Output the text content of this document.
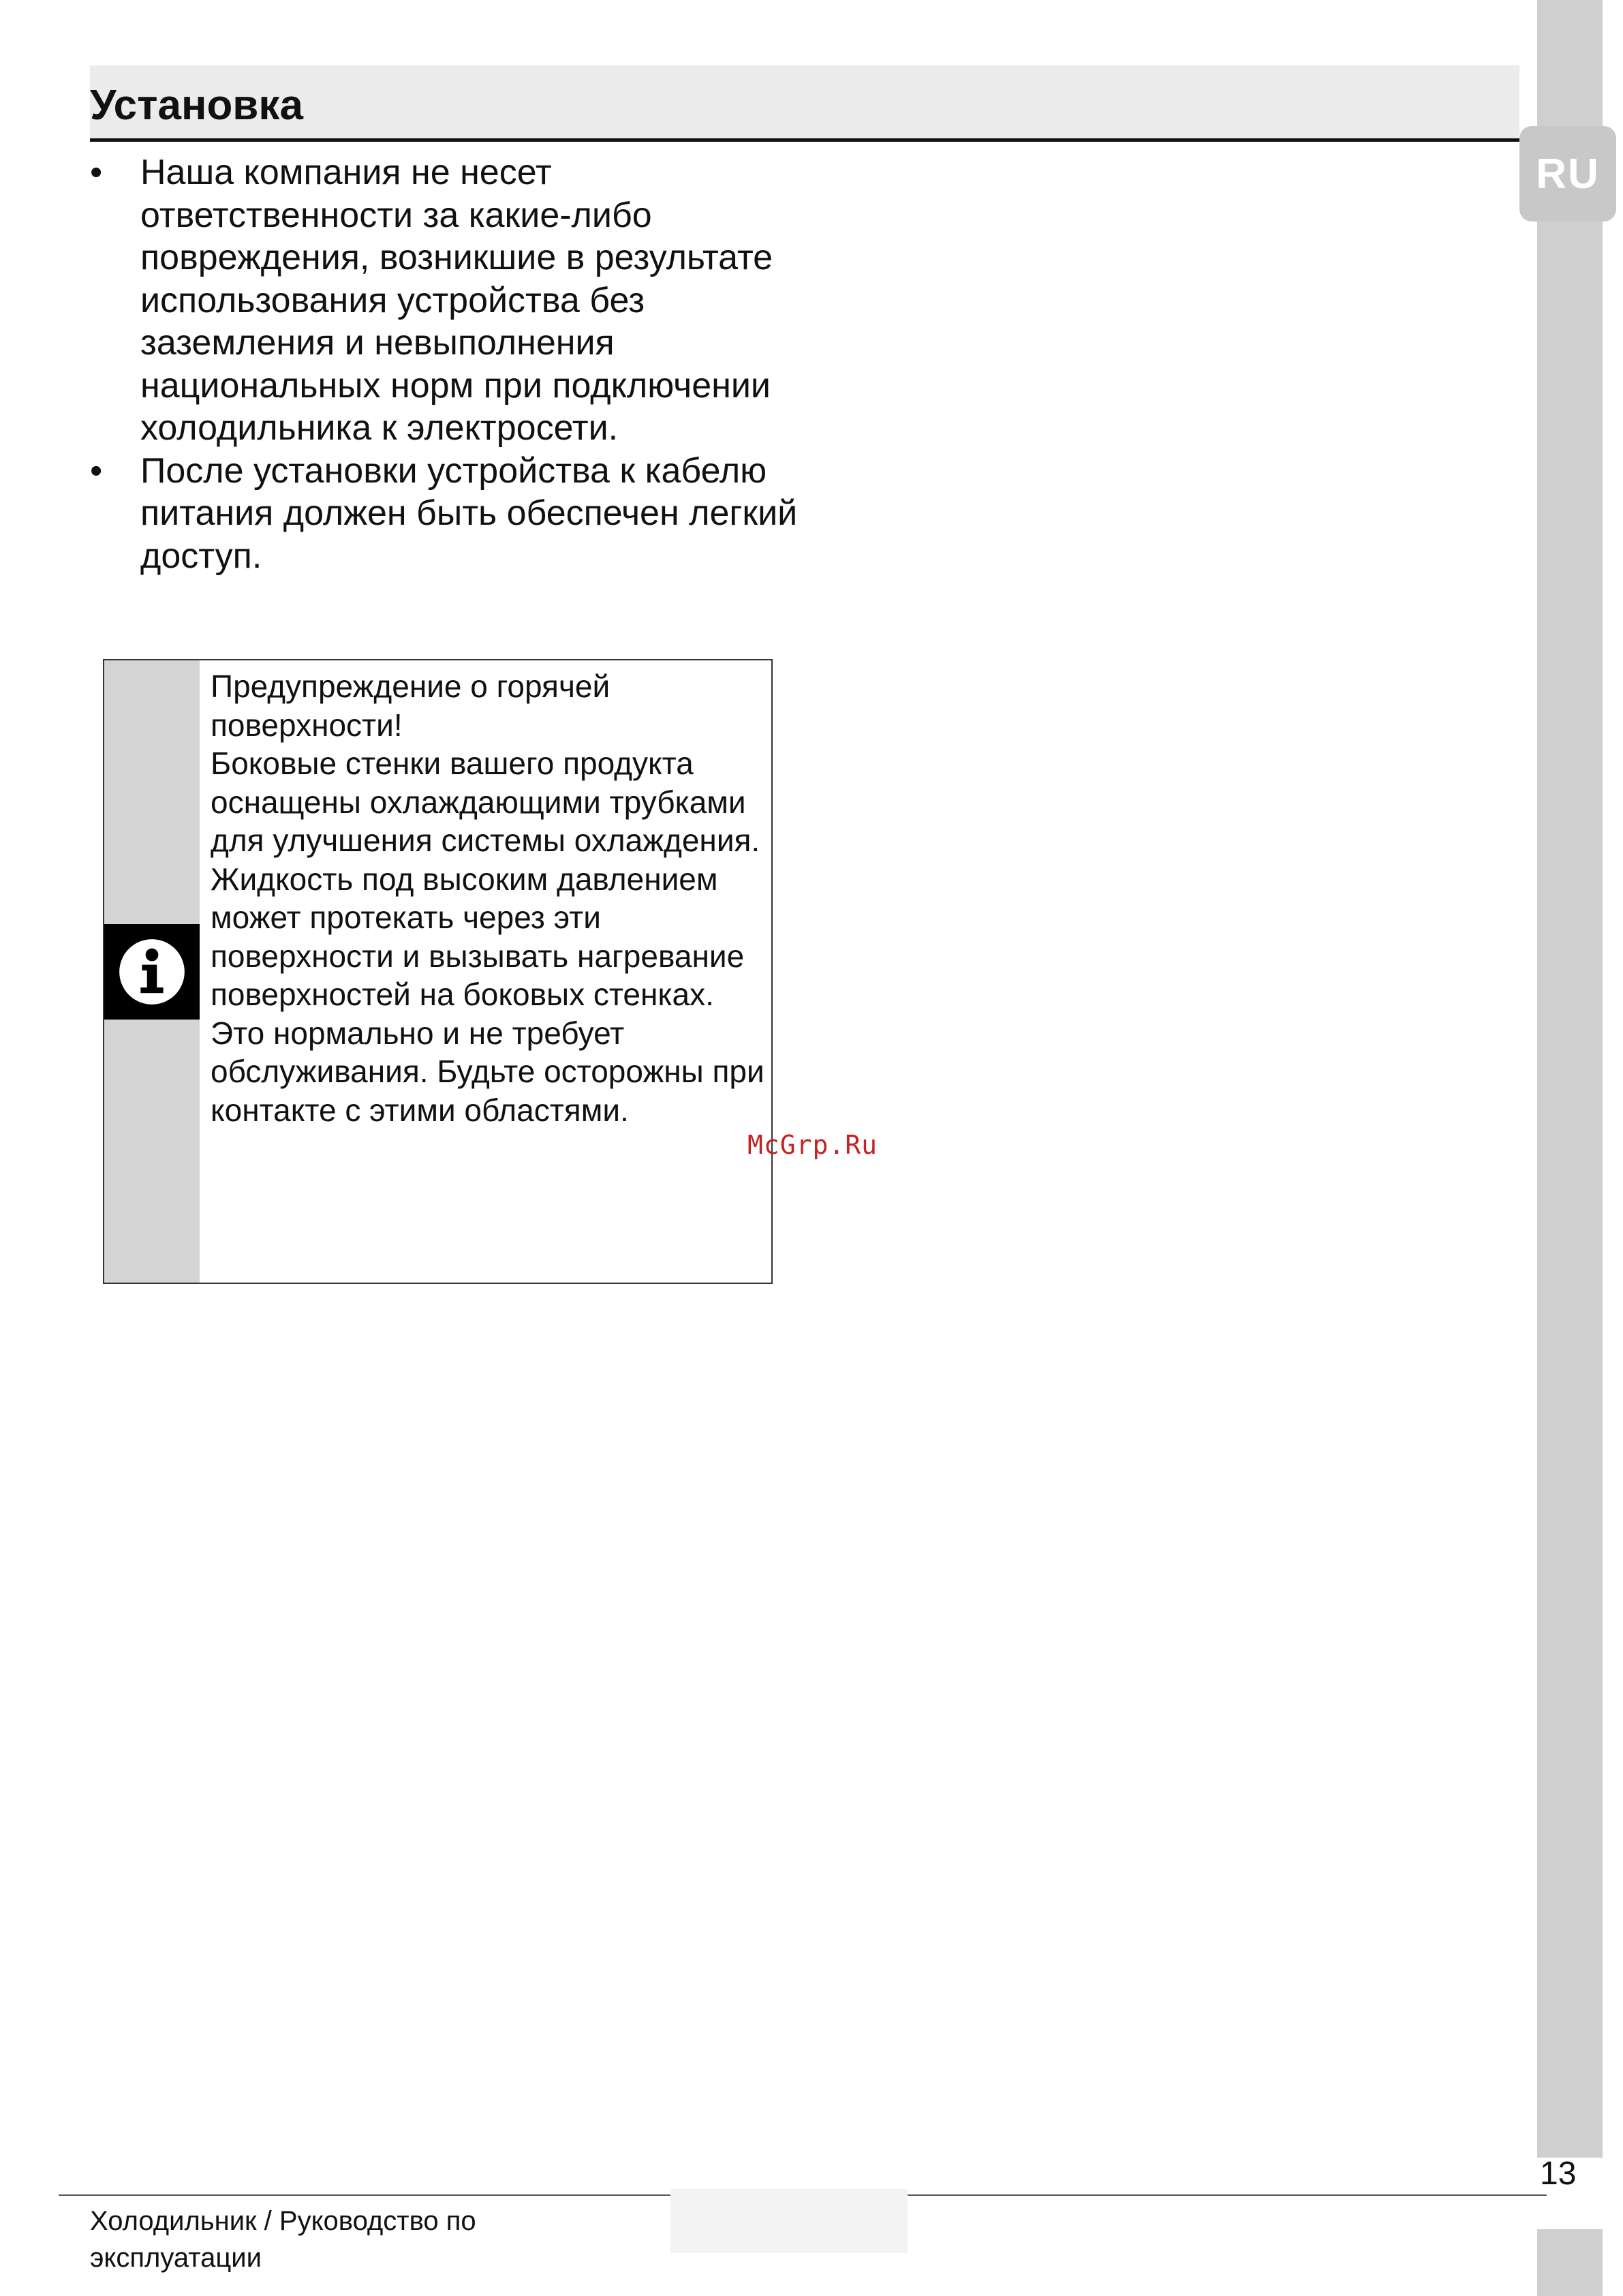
RU
Установка
• Наша компания не несет ответственности за какие-либо повреждения, возникшие в результате использования устройства без заземления и невыполнения национальных норм при подключении холодильника к электросети.
• После установки устройства к кабелю питания должен быть обеспечен легкий доступ.
Предупреждение о горячей поверхности!
Боковые стенки вашего продукта оснащены охлаждающими трубками для улучшения системы охлаждения. Жидкость под высоким давлением может протекать через эти поверхности и вызывать нагревание поверхностей на боковых стенках. Это нормально и не требует обслуживания. Будьте осторожны при контакте с этими областями.
McGrp.Ru
13
Холодильник / Руководство по эксплуатации
